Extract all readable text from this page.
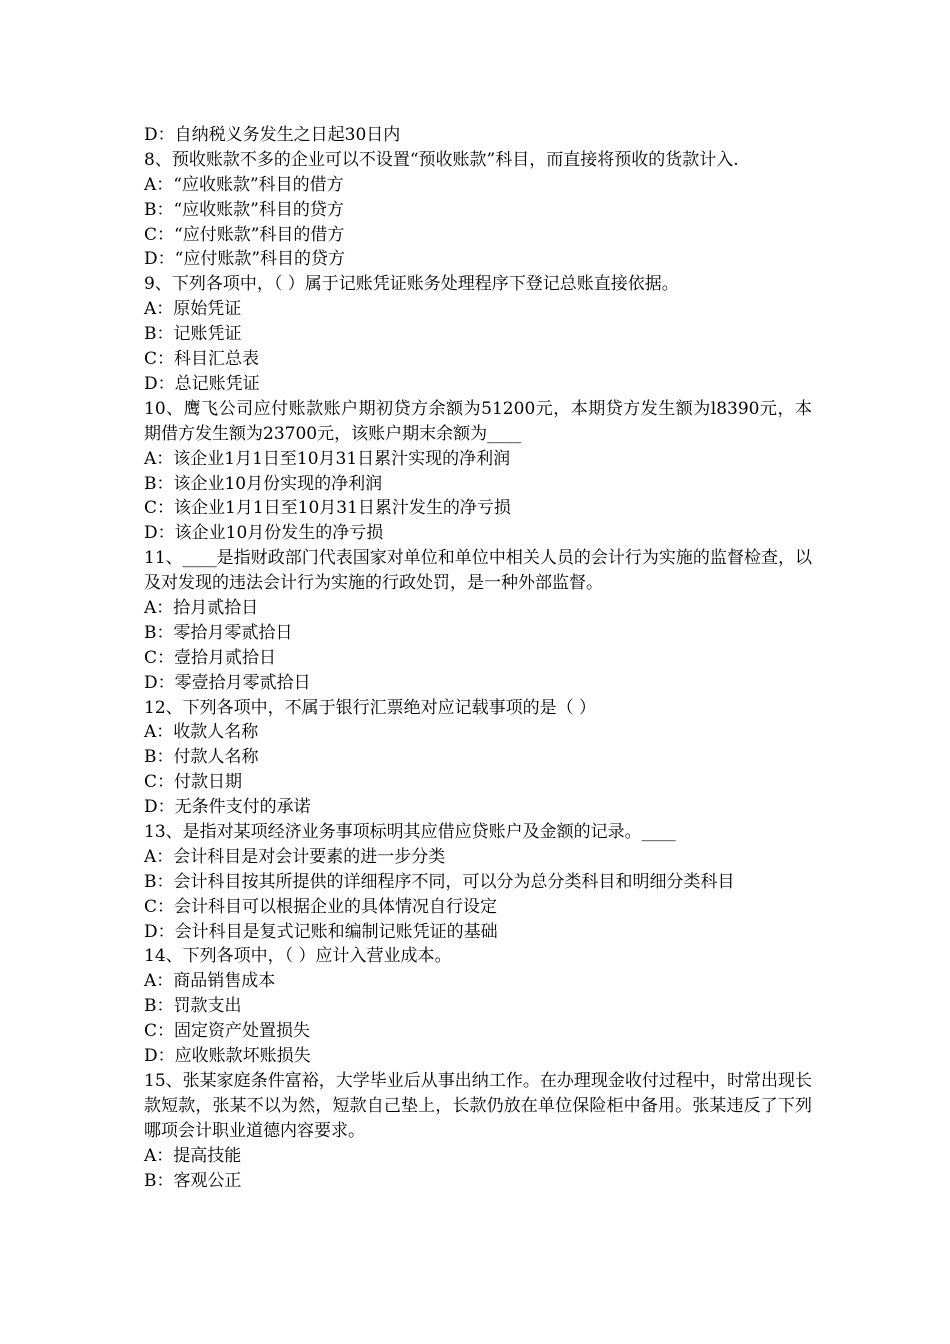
D：自纳税义务发生之日起30日内
8、预收账款不多的企业可以不设置“预收账款”科目，而直接将预收的货款计入.
A：“应收账款”科目的借方
B：“应收账款”科目的贷方
C：“应付账款”科目的借方
D：“应付账款”科目的贷方
9、下列各项中，（ ）属于记账凭证账务处理程序下登记总账直接依据。
A：原始凭证
B：记账凭证
C：科目汇总表
D：总记账凭证
10、鹰飞公司应付账款账户期初贷方余额为51200元，本期贷方发生额为l8390元，本期借方发生额为23700元，该账户期末余额为____
A：该企业1月1日至10月31日累汁实现的净利润
B：该企业10月份实现的净利润
C：该企业1月1日至10月31日累汁发生的净亏损
D：该企业10月份发生的净亏损
11、____是指财政部门代表国家对单位和单位中相关人员的会计行为实施的监督检查，以及对发现的违法会计行为实施的行政处罚，是一种外部监督。
A：拾月贰拾日
B：零拾月零贰拾日
C：壹拾月贰拾日
D：零壹拾月零贰拾日
12、下列各项中，不属于银行汇票绝对应记载事项的是（ ）
A：收款人名称
B：付款人名称
C：付款日期
D：无条件支付的承诺
13、是指对某项经济业务事项标明其应借应贷账户及金额的记录。____
A：会计科目是对会计要素的进一步分类
B：会计科目按其所提供的详细程序不同，可以分为总分类科目和明细分类科目
C：会计科目可以根据企业的具体情况自行设定
D：会计科目是复式记账和编制记账凭证的基础
14、下列各项中，（ ）应计入营业成本。
A：商品销售成本
B：罚款支出
C：固定资产处置损失
D：应收账款坏账损失
15、张某家庭条件富裕，大学毕业后从事出纳工作。在办理现金收付过程中，时常出现长款短款，张某不以为然，短款自己垫上，长款仍放在单位保险柜中备用。张某违反了下列哪项会计职业道德内容要求。
A：提高技能
B：客观公正
